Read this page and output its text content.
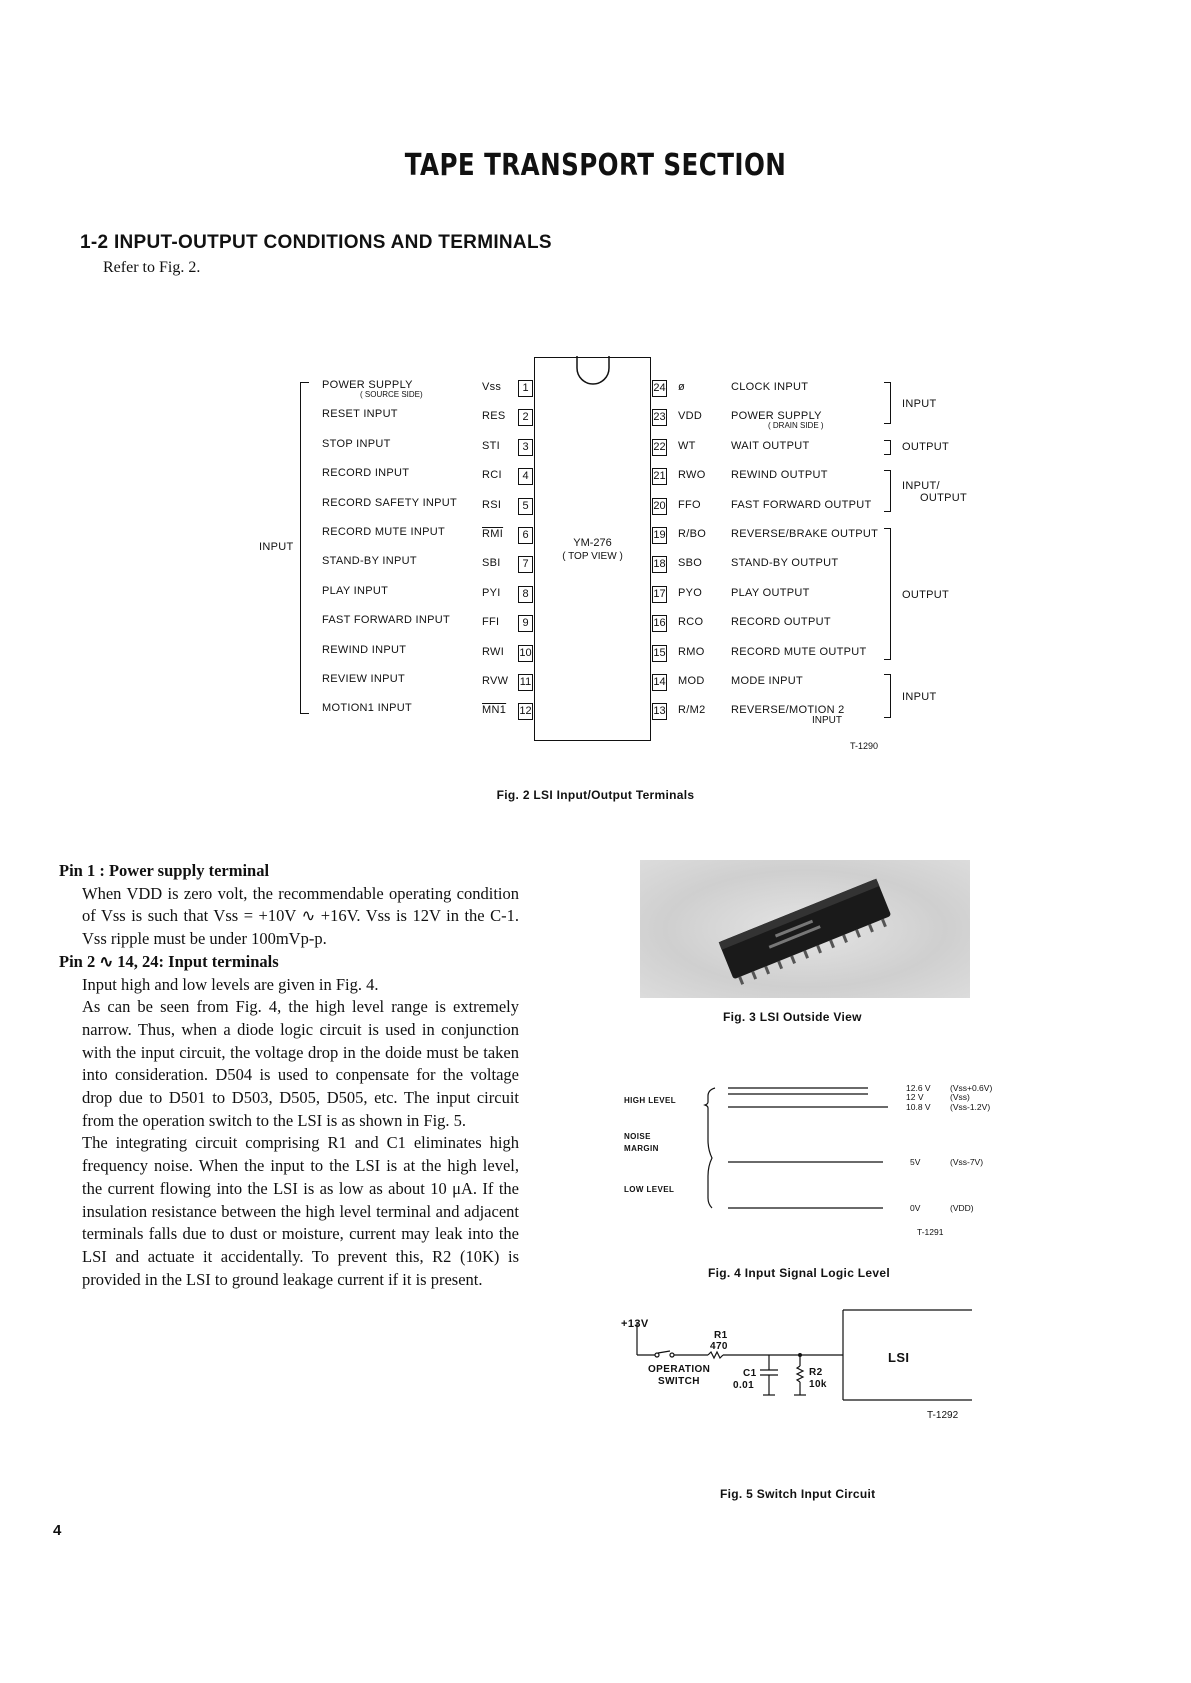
TAPE TRANSPORT SECTION
1-2 INPUT-OUTPUT CONDITIONS AND TERMINALS
Refer to Fig. 2.
YM-276
( TOP VIEW )
INPUT
POWER SUPPLY
( SOURCE SIDE)
Vss	1
RESET INPUT	RES	2
STOP INPUT	STI	3
RECORD INPUT	RCI	4
RECORD SAFETY INPUT RSI	5
RECORD MUTE INPUT	$\overline{RMI}$	6
STAND-BY INPUT	SBI	7
PLAY INPUT	PYI	8
FAST FORWARD INPUT	FFI	9
REWIND INPUT	RWI 10
REVIEW INPUT	RVW 11
MOTION1 INPUT	MN1 12
24 ø	CLOCK INPUT
23 VDD	POWER SUPPLY
( DRAIN SIDE )
22 WT	WAIT OUTPUT
21 RWO REWIND OUTPUT
20 FFO	FAST FORWARD OUTPUT
19 R/BO REVERSE/BRAKE OUTPUT
18 SBO	STAND-BY OUTPUT
17 PYO	PLAY OUTPUT
16 RCO	RECORD OUTPUT
15 RMO RECORD MUTE OUTPUT
14 MOD MODE INPUT
13 R/M2 REVERSE/MOTION 2
INPUT
INPUT
OUTPUT
INPUT/
OUTPUT
OUTPUT
INPUT
T-1290
Fig. 2 LSI Input/Output Terminals

Pin 1 : Power supply terminal

When VDD is zero volt, the recommendable operating condition of Vss is such that Vss = +10V ∿ +16V. Vss is 12V in the C-1. Vss ripple must be under 100mVp-p.

Pin 2 ∿ 14, 24: Input terminals

Input high and low levels are given in Fig. 4.

As can be seen from Fig. 4, the high level range is extremely narrow. Thus, when a diode logic circuit is used in conjunction with the input circuit, the voltage drop in the doide must be taken into consideration. D504 is used to conpensate for the voltage drop due to D501 to D503, D505, D505, etc. The input circuit from the operation switch to the LSI is as shown in Fig. 5.

The integrating circuit comprising R1 and C1 eliminates high frequency noise. When the input to the LSI is at the high level, the current flowing into the LSI is as low as about 10 μA. If the insulation resistance between the high level terminal and adjacent terminals falls due to dust or moisture, current may leak into the LSI and actuate it accidentally. To prevent this, R2 (10K) is provided in the LSI to ground leakage current if it is present.

Fig. 3 LSI Outside View
HIGH LEVEL
NOISE
MARGIN
LOW LEVEL
12.6 V (Vss+0.6V)
12 V	(Vss)
10.8 V (Vss-1.2V)
5V	(Vss-7V)
0V	(VDD)
T-1291
Fig. 4 Input Signal Logic Level
+13V
R1
470
OPERATION
SWITCH
C1
0.01
R2
10k
LSI
T-1292
Fig. 5 Switch Input Circuit
4
